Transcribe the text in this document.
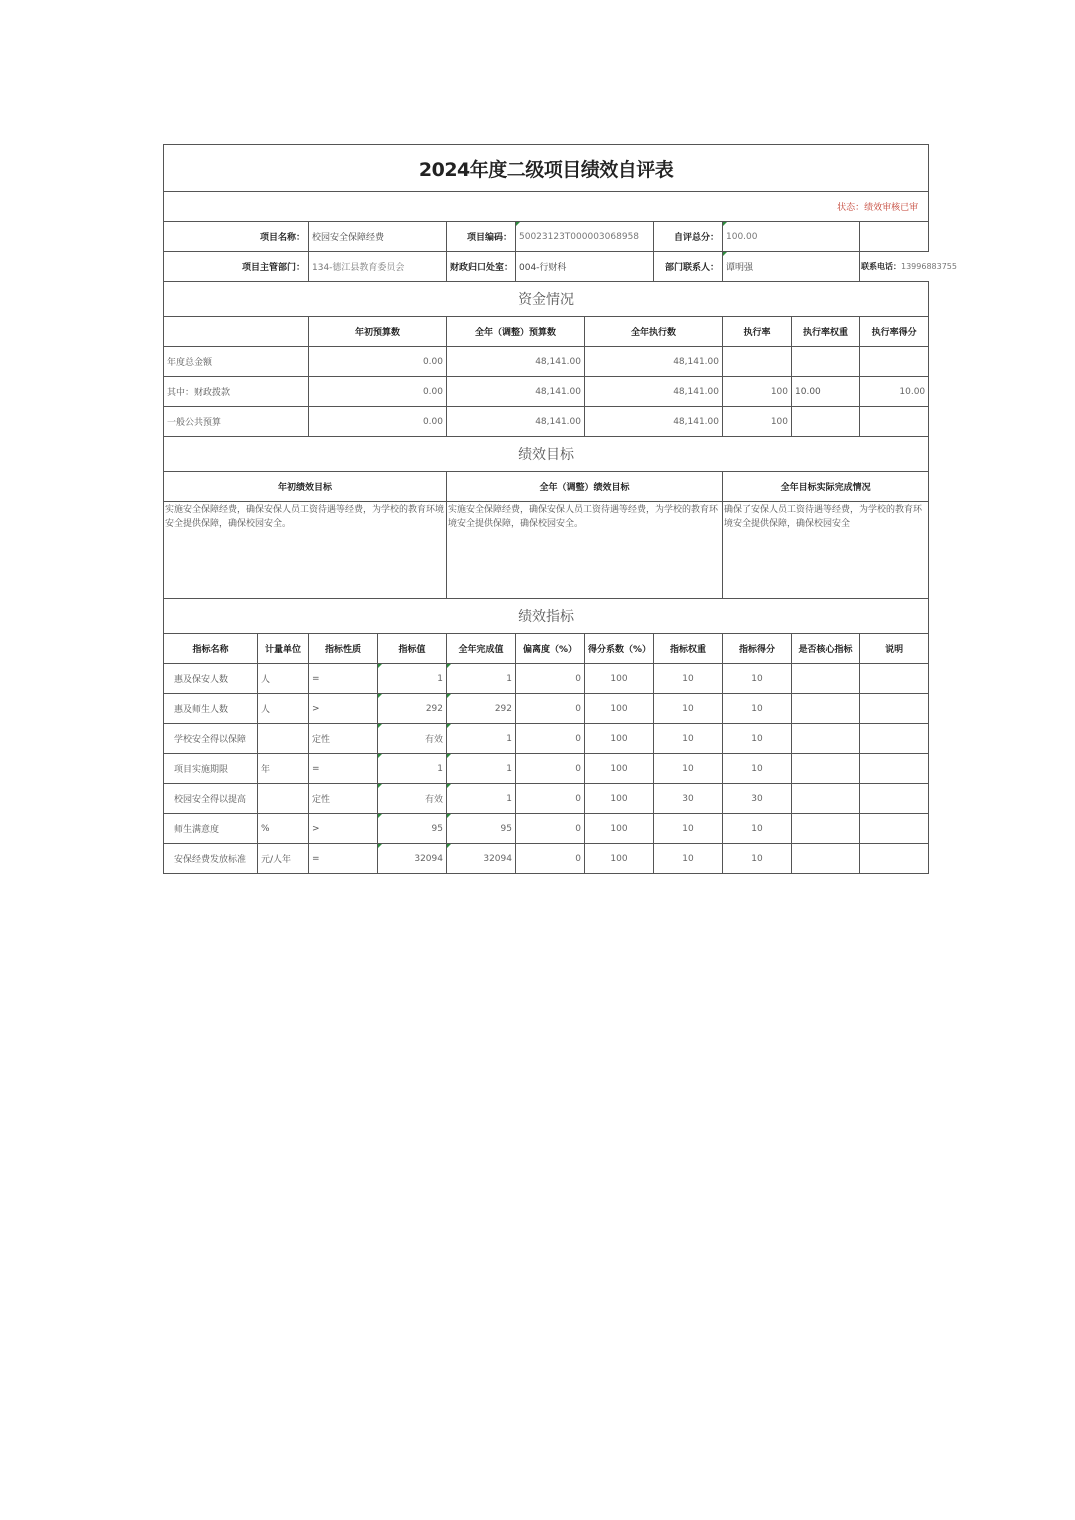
2024年度二级项目绩效自评表										
状态：绩效审核已审										
项目名称：		校园安全保障经费		项目编码：	50023123T000003068958		自评总分：	100.00		
项目主管部门：		134-德江县教育委员会		财政归口处室：	004-行财科		部门联系人：	谭明强		联系电话：13996883755
资金情况										
		年初预算数		全年（调整）预算数		全年执行数		执行率	执行率权重	执行率得分
年度总金额		0.00		48,141.00		48,141.00				
其中：财政拨款		0.00		48,141.00		48,141.00		100	10.00	10.00
一般公共预算		0.00		48,141.00		48,141.00		100		
绩效目标										
年初绩效目标				全年（调整）绩效目标				全年目标实际完成情况		
实施安全保障经费，确保安保人员工资待遇等经费，为学校的教育环境安全提供保障，确保校园安全。				实施安全保障经费，确保安保人员工资待遇等经费，为学校的教育环境安全提供保障，确保校园安全。				确保了安保人员工资待遇等经费，为学校的教育环境安全提供保障，确保校园安全		
绩效指标										
指标名称	计量单位	指标性质	指标值	全年完成值	偏离度（%）	得分系数（%）	指标权重	指标得分	是否核心指标	说明
惠及保安人数	人	=	1	1	0	100	10	10		
惠及师生人数	人	>	292	292	0	100	10	10		
学校安全得以保障		定性	有效	1	0	100	10	10		
项目实施期限	年	=	1	1	0	100	10	10		
校园安全得以提高		定性	有效	1	0	100	30	30		
师生满意度	%	>	95	95	0	100	10	10		
安保经费发放标准	元/人年	=	32094	32094	0	100	10	10		
